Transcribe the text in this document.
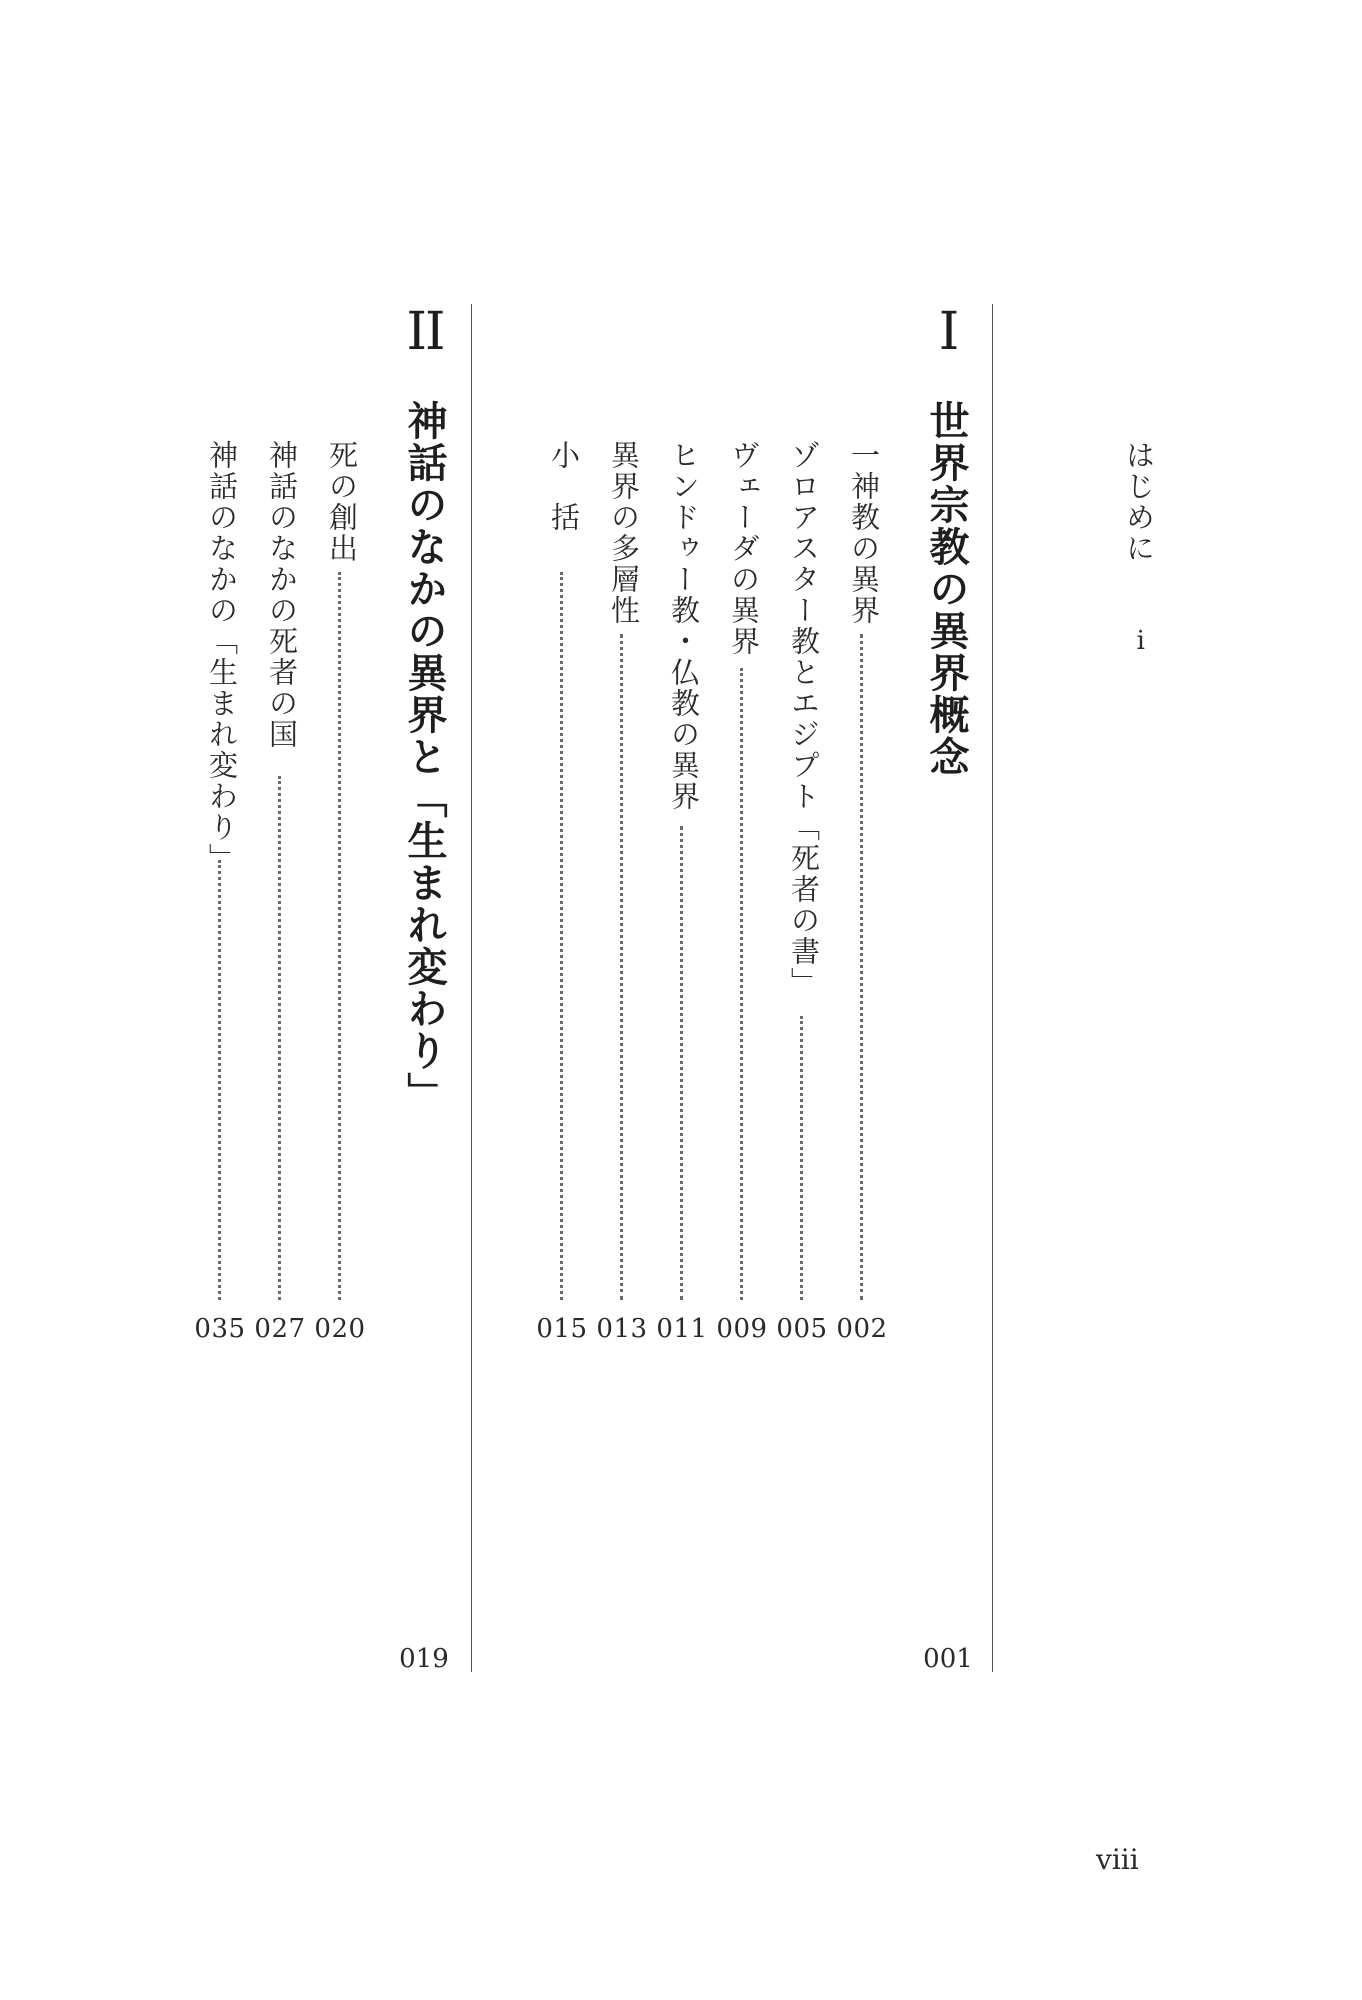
はじめに
i
I
世界宗教の異界概念
001
一神教の異界
002
ゾロアスター教とエジプト「死者の書」
005
ヴェーダの異界
009
ヒンドゥー教・仏教の異界
011
異界の多層性
013
小　括
015
II
神話のなかの異界と「生まれ変わり」
019
死の創出
020
神話のなかの死者の国
027
神話のなかの「生まれ変わり」
035
viii
